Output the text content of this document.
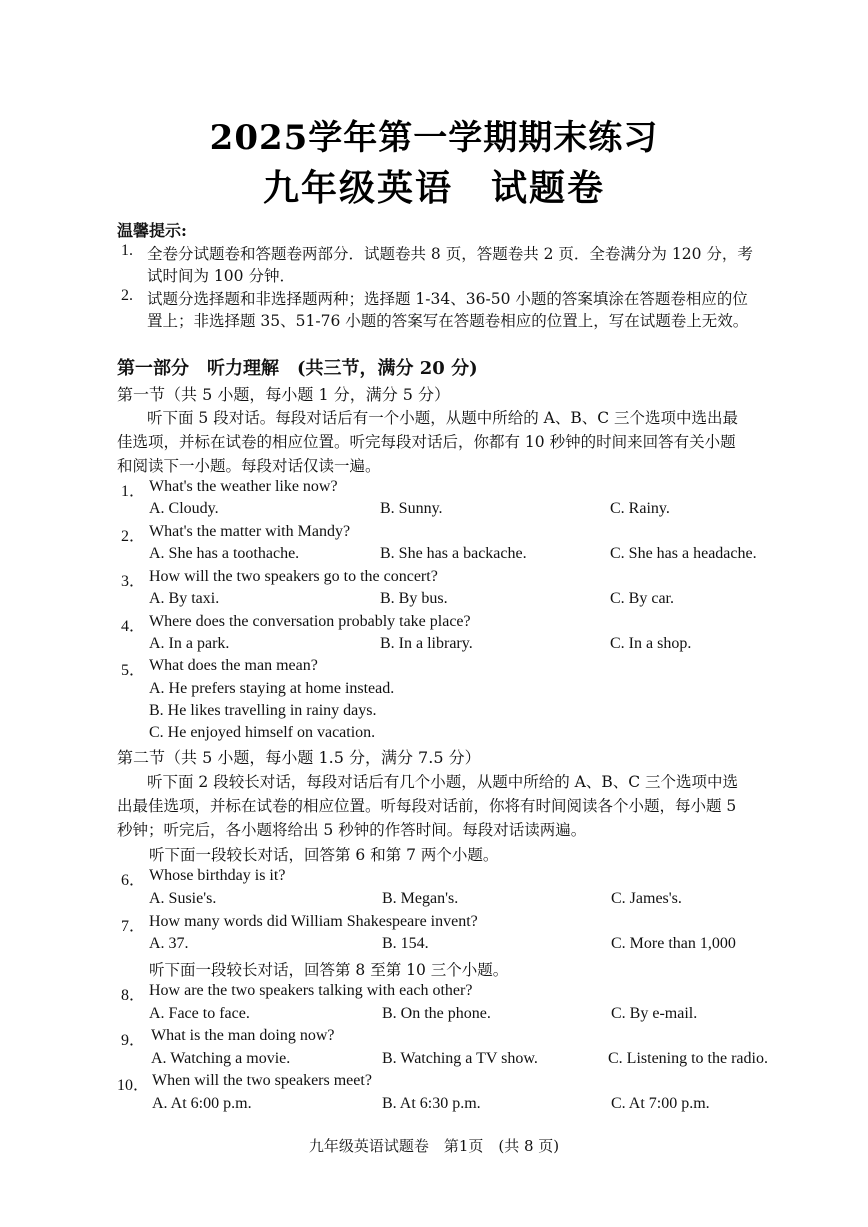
2025学年第一学期期末练习
九年级英语　试题卷
温馨提示:
1. 全卷分试题卷和答题卷两部分．试题卷共 8 页，答题卷共 2 页．全卷满分为 120 分，考
试时间为 100 分钟．
2. 试题分选择题和非选择题两种；选择题 1-34、36-50 小题的答案填涂在答题卷相应的位
置上；非选择题 35、51-76 小题的答案写在答题卷相应的位置上，写在试题卷上无效。
第一部分　听力理解　(共三节，满分 20 分)
第一节（共 5 小题，每小题 1 分，满分 5 分）
听下面 5 段对话。每段对话后有一个小题，从题中所给的 A、B、C 三个选项中选出最
佳选项，并标在试卷的相应位置。听完每段对话后，你都有 10 秒钟的时间来回答有关小题
和阅读下一小题。每段对话仅读一遍。
1． What's the weather like now?
A. Cloudy.	B. Sunny.	C. Rainy.
2． What's the matter with Mandy?
A. She has a toothache.	B. She has a backache.	C. She has a headache.
3． How will the two speakers go to the concert?
A. By taxi.	B. By bus.	C. By car.
4． Where does the conversation probably take place?
A. In a park.	B. In a library.	C. In a shop.
5． What does the man mean?
A. He prefers staying at home instead.
B. He likes travelling in rainy days.
C. He enjoyed himself on vacation.
第二节（共 5 小题，每小题 1.5 分，满分 7.5 分）
听下面 2 段较长对话，每段对话后有几个小题，从题中所给的 A、B、C 三个选项中选
出最佳选项，并标在试卷的相应位置。听每段对话前，你将有时间阅读各个小题，每小题 5
秒钟；听完后，各小题将给出 5 秒钟的作答时间。每段对话读两遍。
听下面一段较长对话，回答第 6 和第 7 两个小题。
6． Whose birthday is it?
A. Susie's.	B. Megan's.	C. James's.
7． How many words did William Shakespeare invent?
A. 37.	B. 154.	C. More than 1,000
听下面一段较长对话，回答第 8 至第 10 三个小题。
8． How are the two speakers talking with each other?
A. Face to face.	B. On the phone.	C. By e-mail.
9． What is the man doing now?
A. Watching a movie.	B. Watching a TV show.	C. Listening to the radio.
10． When will the two speakers meet?
A. At 6:00 p.m.	B. At 6:30 p.m.	C. At 7:00 p.m.
九年级英语试题卷　第1页　(共 8 页)
